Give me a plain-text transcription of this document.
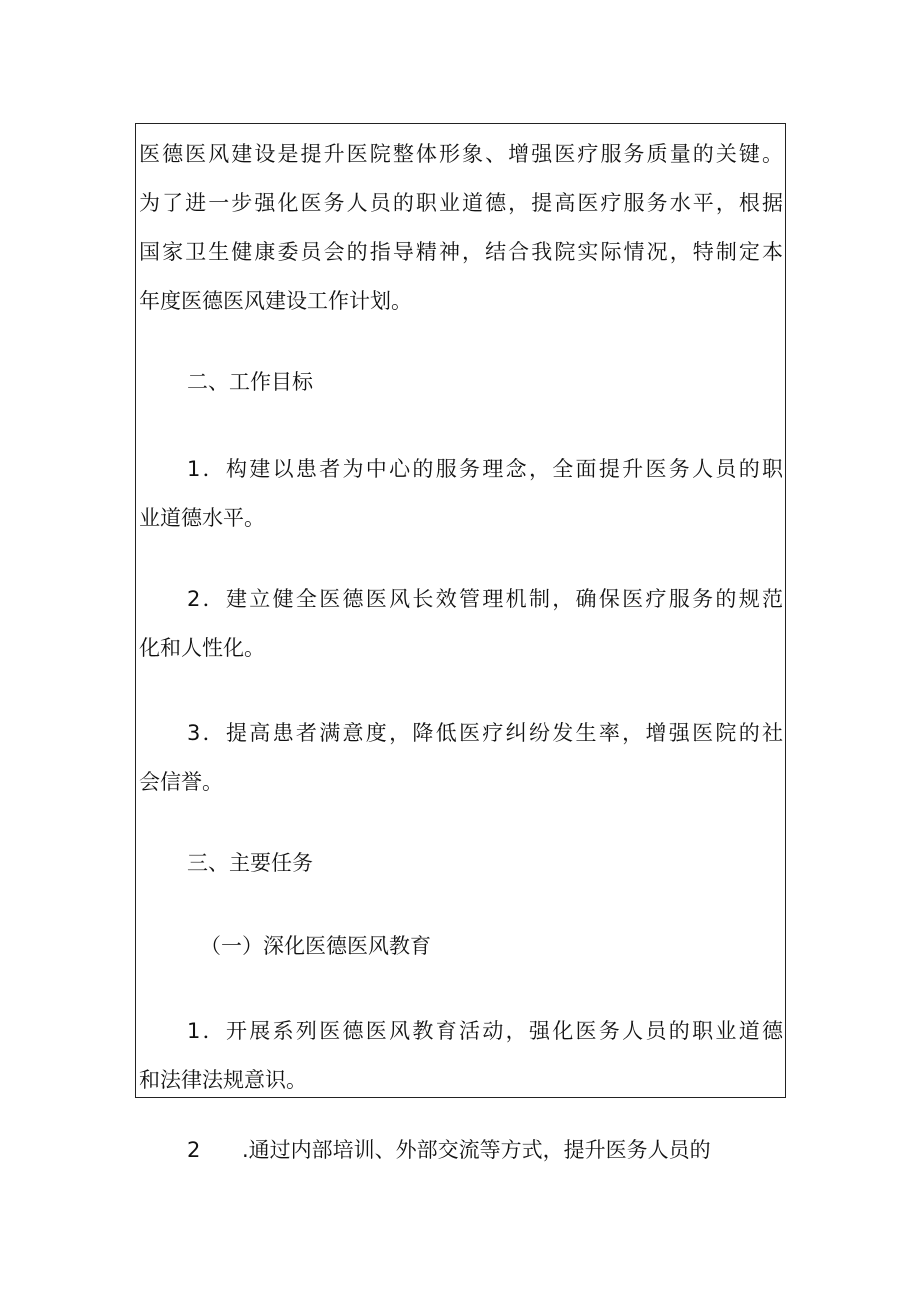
医德医风建设是提升医院整体形象、增强医疗服务质量的关键。
为了进一步强化医务人员的职业道德，提高医疗服务水平，根据
国家卫生健康委员会的指导精神，结合我院实际情况，特制定本
年度医德医风建设工作计划。
二、工作目标
1．构建以患者为中心的服务理念，全面提升医务人员的职
业道德水平。
2．建立健全医德医风长效管理机制，确保医疗服务的规范
化和人性化。
3．提高患者满意度，降低医疗纠纷发生率，增强医院的社
会信誉。
三、主要任务
（一）深化医德医风教育
1．开展系列医德医风教育活动，强化医务人员的职业道德
和法律法规意识。
2 .通过内部培训、外部交流等方式，提升医务人员的
